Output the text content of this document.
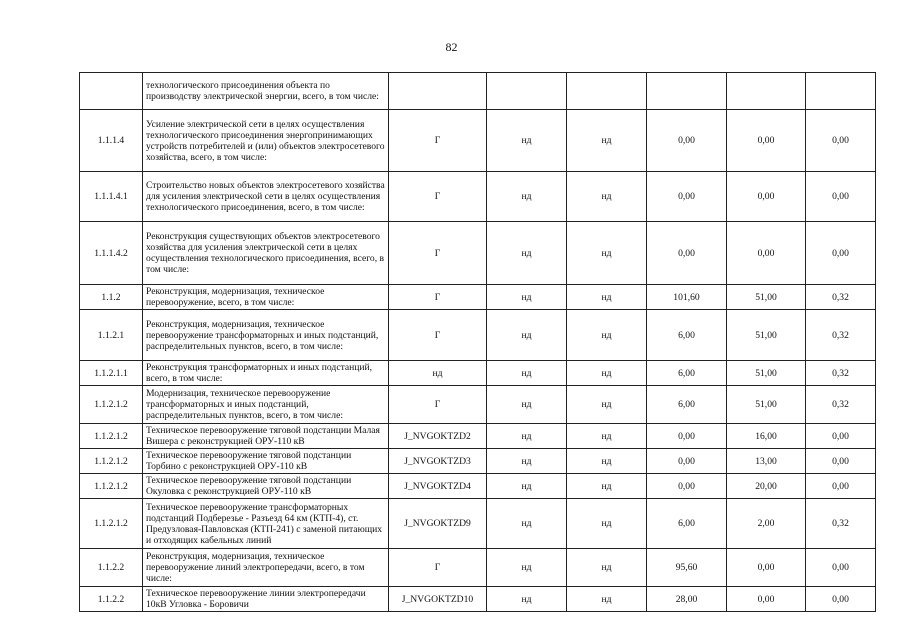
82
	технологического присоединения объекта по производству электрической энергии, всего, в том числе:						
1.1.1.4	Усиление электрической сети в целях осуществления технологического присоединения энергопринимающих устройств потребителей и (или) объектов электросетевого хозяйства, всего, в том числе:	Г	нд	нд	0,00	0,00	0,00
1.1.1.4.1	Строительство новых объектов электросетевого хозяйства для усиления электрической сети в целях осуществления технологического присоединения, всего, в том числе:	Г	нд	нд	0,00	0,00	0,00
1.1.1.4.2	Реконструкция существующих объектов электросетевого хозяйства для усиления электрической сети в целях осуществления технологического присоединения, всего, в том числе:	Г	нд	нд	0,00	0,00	0,00
1.1.2	Реконструкция, модернизация, техническое перевооружение, всего, в том числе:	Г	нд	нд	101,60	51,00	0,32
1.1.2.1	Реконструкция, модернизация, техническое перевооружение трансформаторных и иных подстанций, распределительных пунктов, всего, в том числе:	Г	нд	нд	6,00	51,00	0,32
1.1.2.1.1	Реконструкция трансформаторных и иных подстанций, всего, в том числе:	нд	нд	нд	6,00	51,00	0,32
1.1.2.1.2	Модернизация, техническое перевооружение трансформаторных и иных подстанций, распределительных пунктов, всего, в том числе:	Г	нд	нд	6,00	51,00	0,32
1.1.2.1.2	Техническое перевооружение тяговой подстанции Малая Вишера с реконструкцией ОРУ-110 кВ	J_NVGOKTZD2	нд	нд	0,00	16,00	0,00
1.1.2.1.2	Техническое перевооружение тяговой подстанции Торбино с реконструкцией ОРУ-110 кВ	J_NVGOKTZD3	нд	нд	0,00	13,00	0,00
1.1.2.1.2	Техническое перевооружение тяговой подстанции Окуловка с реконструкцией ОРУ-110 кВ	J_NVGOKTZD4	нд	нд	0,00	20,00	0,00
1.1.2.1.2	Техническое перевооружение трансформаторных подстанций Подберезье - Разъезд 64 км (КТП-4), ст. Предузловая-Павловская (КТП-241) с заменой питающих и отходящих кабельных линий	J_NVGOKTZD9	нд	нд	6,00	2,00	0,32
1.1.2.2	Реконструкция, модернизация, техническое перевооружение линий электропередачи, всего, в том числе:	Г	нд	нд	95,60	0,00	0,00
1.1.2.2	Техническое перевооружение линии электропередачи 10кВ Угловка - Боровичи	J_NVGOKTZD10	нд	нд	28,00	0,00	0,00
